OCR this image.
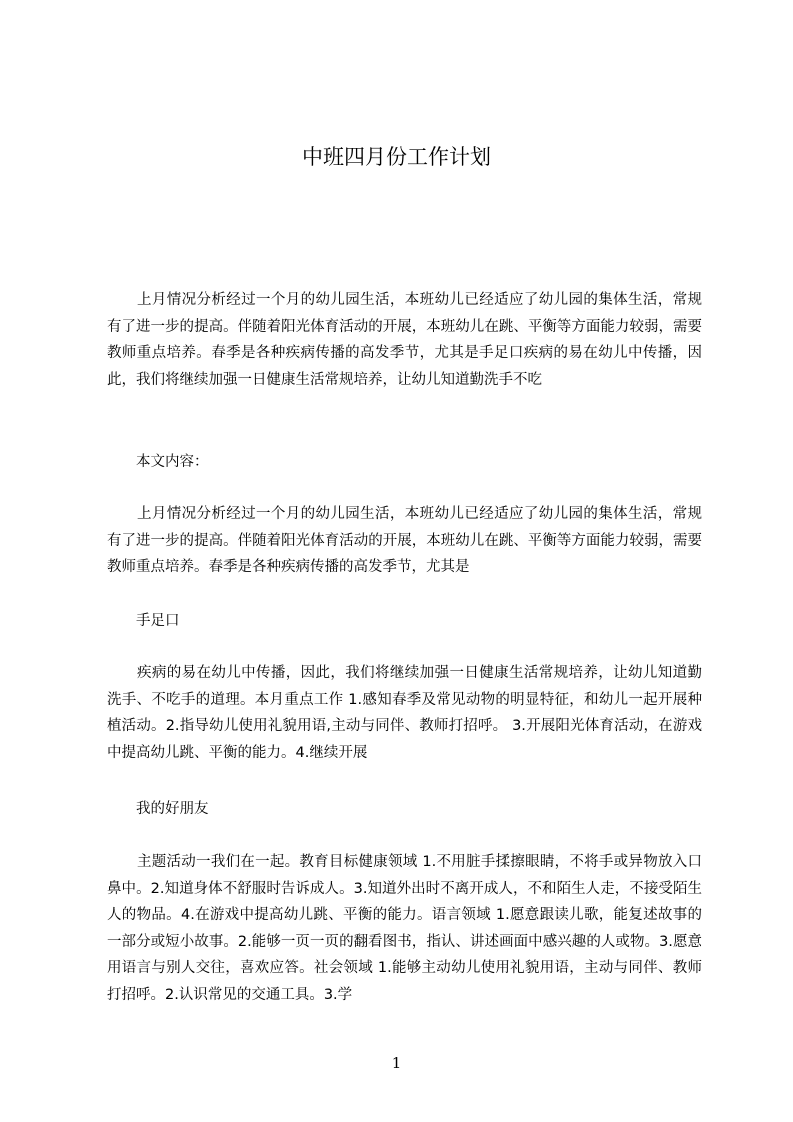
中班四月份工作计划
上月情况分析经过一个月的幼儿园生活，本班幼儿已经适应了幼儿园的集体生活，常规有了进一步的提高。伴随着阳光体育活动的开展，本班幼儿在跳、平衡等方面能力较弱，需要教师重点培养。春季是各种疾病传播的高发季节，尤其是手足口疾病的易在幼儿中传播，因此，我们将继续加强一日健康生活常规培养，让幼儿知道勤洗手不吃
本文内容：
上月情况分析经过一个月的幼儿园生活，本班幼儿已经适应了幼儿园的集体生活，常规有了进一步的提高。伴随着阳光体育活动的开展，本班幼儿在跳、平衡等方面能力较弱，需要教师重点培养。春季是各种疾病传播的高发季节，尤其是
手足口
疾病的易在幼儿中传播，因此，我们将继续加强一日健康生活常规培养，让幼儿知道勤洗手、不吃手的道理。本月重点工作 1.感知春季及常见动物的明显特征，和幼儿一起开展种植活动。2.指导幼儿使用礼貌用语,主动与同伴、教师打招呼。 3.开展阳光体育活动，在游戏中提高幼儿跳、平衡的能力。4.继续开展
我的好朋友
主题活动一我们在一起。教育目标健康领域 1.不用脏手揉擦眼睛，不将手或异物放入口鼻中。2.知道身体不舒服时告诉成人。3.知道外出时不离开成人，不和陌生人走，不接受陌生人的物品。4.在游戏中提高幼儿跳、平衡的能力。语言领域 1.愿意跟读儿歌，能复述故事的一部分或短小故事。2.能够一页一页的翻看图书，指认、讲述画面中感兴趣的人或物。3.愿意用语言与别人交往，喜欢应答。社会领域 1.能够主动幼儿使用礼貌用语，主动与同伴、教师打招呼。2.认识常见的交通工具。3.学
1
